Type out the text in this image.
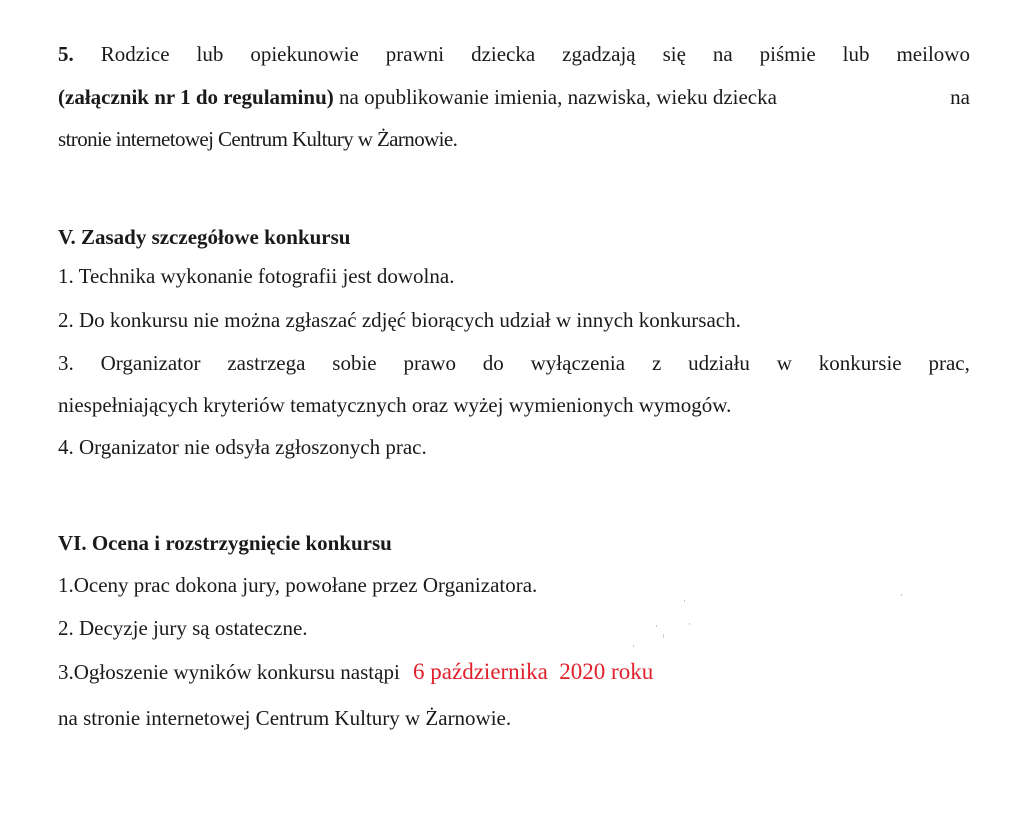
5. Rodzice lub opiekunowie prawni dziecka zgadzają się na piśmie lub meilowo
(załącznik nr 1 do regulaminu) na opublikowanie imienia, nazwiska, wieku dziecka	na
stronie internetowej Centrum Kultury w Żarnowie.
V. Zasady szczegółowe konkursu
1. Technika wykonanie fotografii jest dowolna.
2. Do konkursu nie można zgłaszać zdjęć biorących udział w innych konkursach.
3. Organizator zastrzega sobie prawo do wyłączenia z udziału w konkursie prac,
niespełniających kryteriów tematycznych oraz wyżej wymienionych wymogów.
4. Organizator nie odsyła zgłoszonych prac.
VI. Ocena i rozstrzygnięcie konkursu
1.Oceny prac dokona jury, powołane przez Organizatora.
2. Decyzje jury są ostateczne.
3.Ogłoszenie wyników konkursu nastąpi 6 października  2020 roku
na stronie internetowej Centrum Kultury w Żarnowie.
·
·	·
ˡ
·
·
